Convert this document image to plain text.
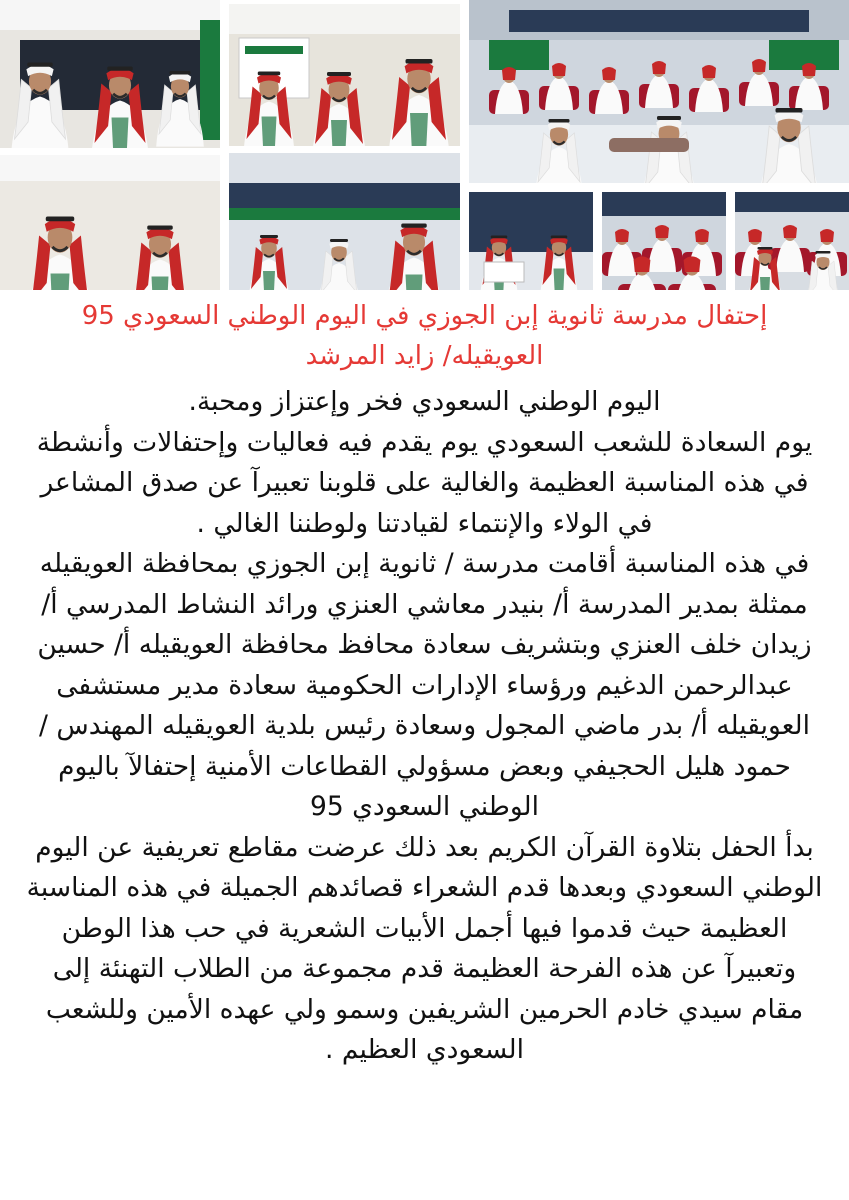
إحتفال مدرسة ثانوية إبن الجوزي في اليوم الوطني السعودي 95
العويقيله/ زايد المرشد

اليوم الوطني السعودي فخر وإعتزاز ومحبة.

يوم السعادة للشعب السعودي يوم يقدم فيه فعاليات وإحتفالات وأنشطة في هذه المناسبة العظيمة والغالية على قلوبنا تعبيرآ عن صدق المشاعر في الولاء والإنتماء لقيادتنا ولوطننا الغالي .

في هذه المناسبة أقامت مدرسة / ثانوية إبن الجوزي بمحافظة العويقيله ممثلة بمدير المدرسة أ/ بنيدر معاشي العنزي ورائد النشاط المدرسي أ/ زيدان خلف العنزي وبتشريف سعادة محافظ محافظة العويقيله أ/ حسين عبدالرحمن الدغيم ورؤساء الإدارات الحكومية سعادة مدير مستشفى العويقيله أ/ بدر ماضي المجول وسعادة رئيس بلدية العويقيله المهندس / حمود هليل الحجيفي وبعض مسؤولي القطاعات الأمنية إحتفالآ باليوم الوطني السعودي 95

بدأ الحفل بتلاوة القرآن الكريم بعد ذلك عرضت مقاطع تعريفية عن اليوم الوطني السعودي وبعدها قدم الشعراء قصائدهم الجميلة في هذه المناسبة العظيمة حيث قدموا فيها أجمل الأبيات الشعرية في حب هذا الوطن وتعبيرآ عن هذه الفرحة العظيمة قدم مجموعة من الطلاب التهنئة إلى مقام سيدي خادم الحرمين الشريفين وسمو ولي عهده الأمين وللشعب السعودي العظيم .
